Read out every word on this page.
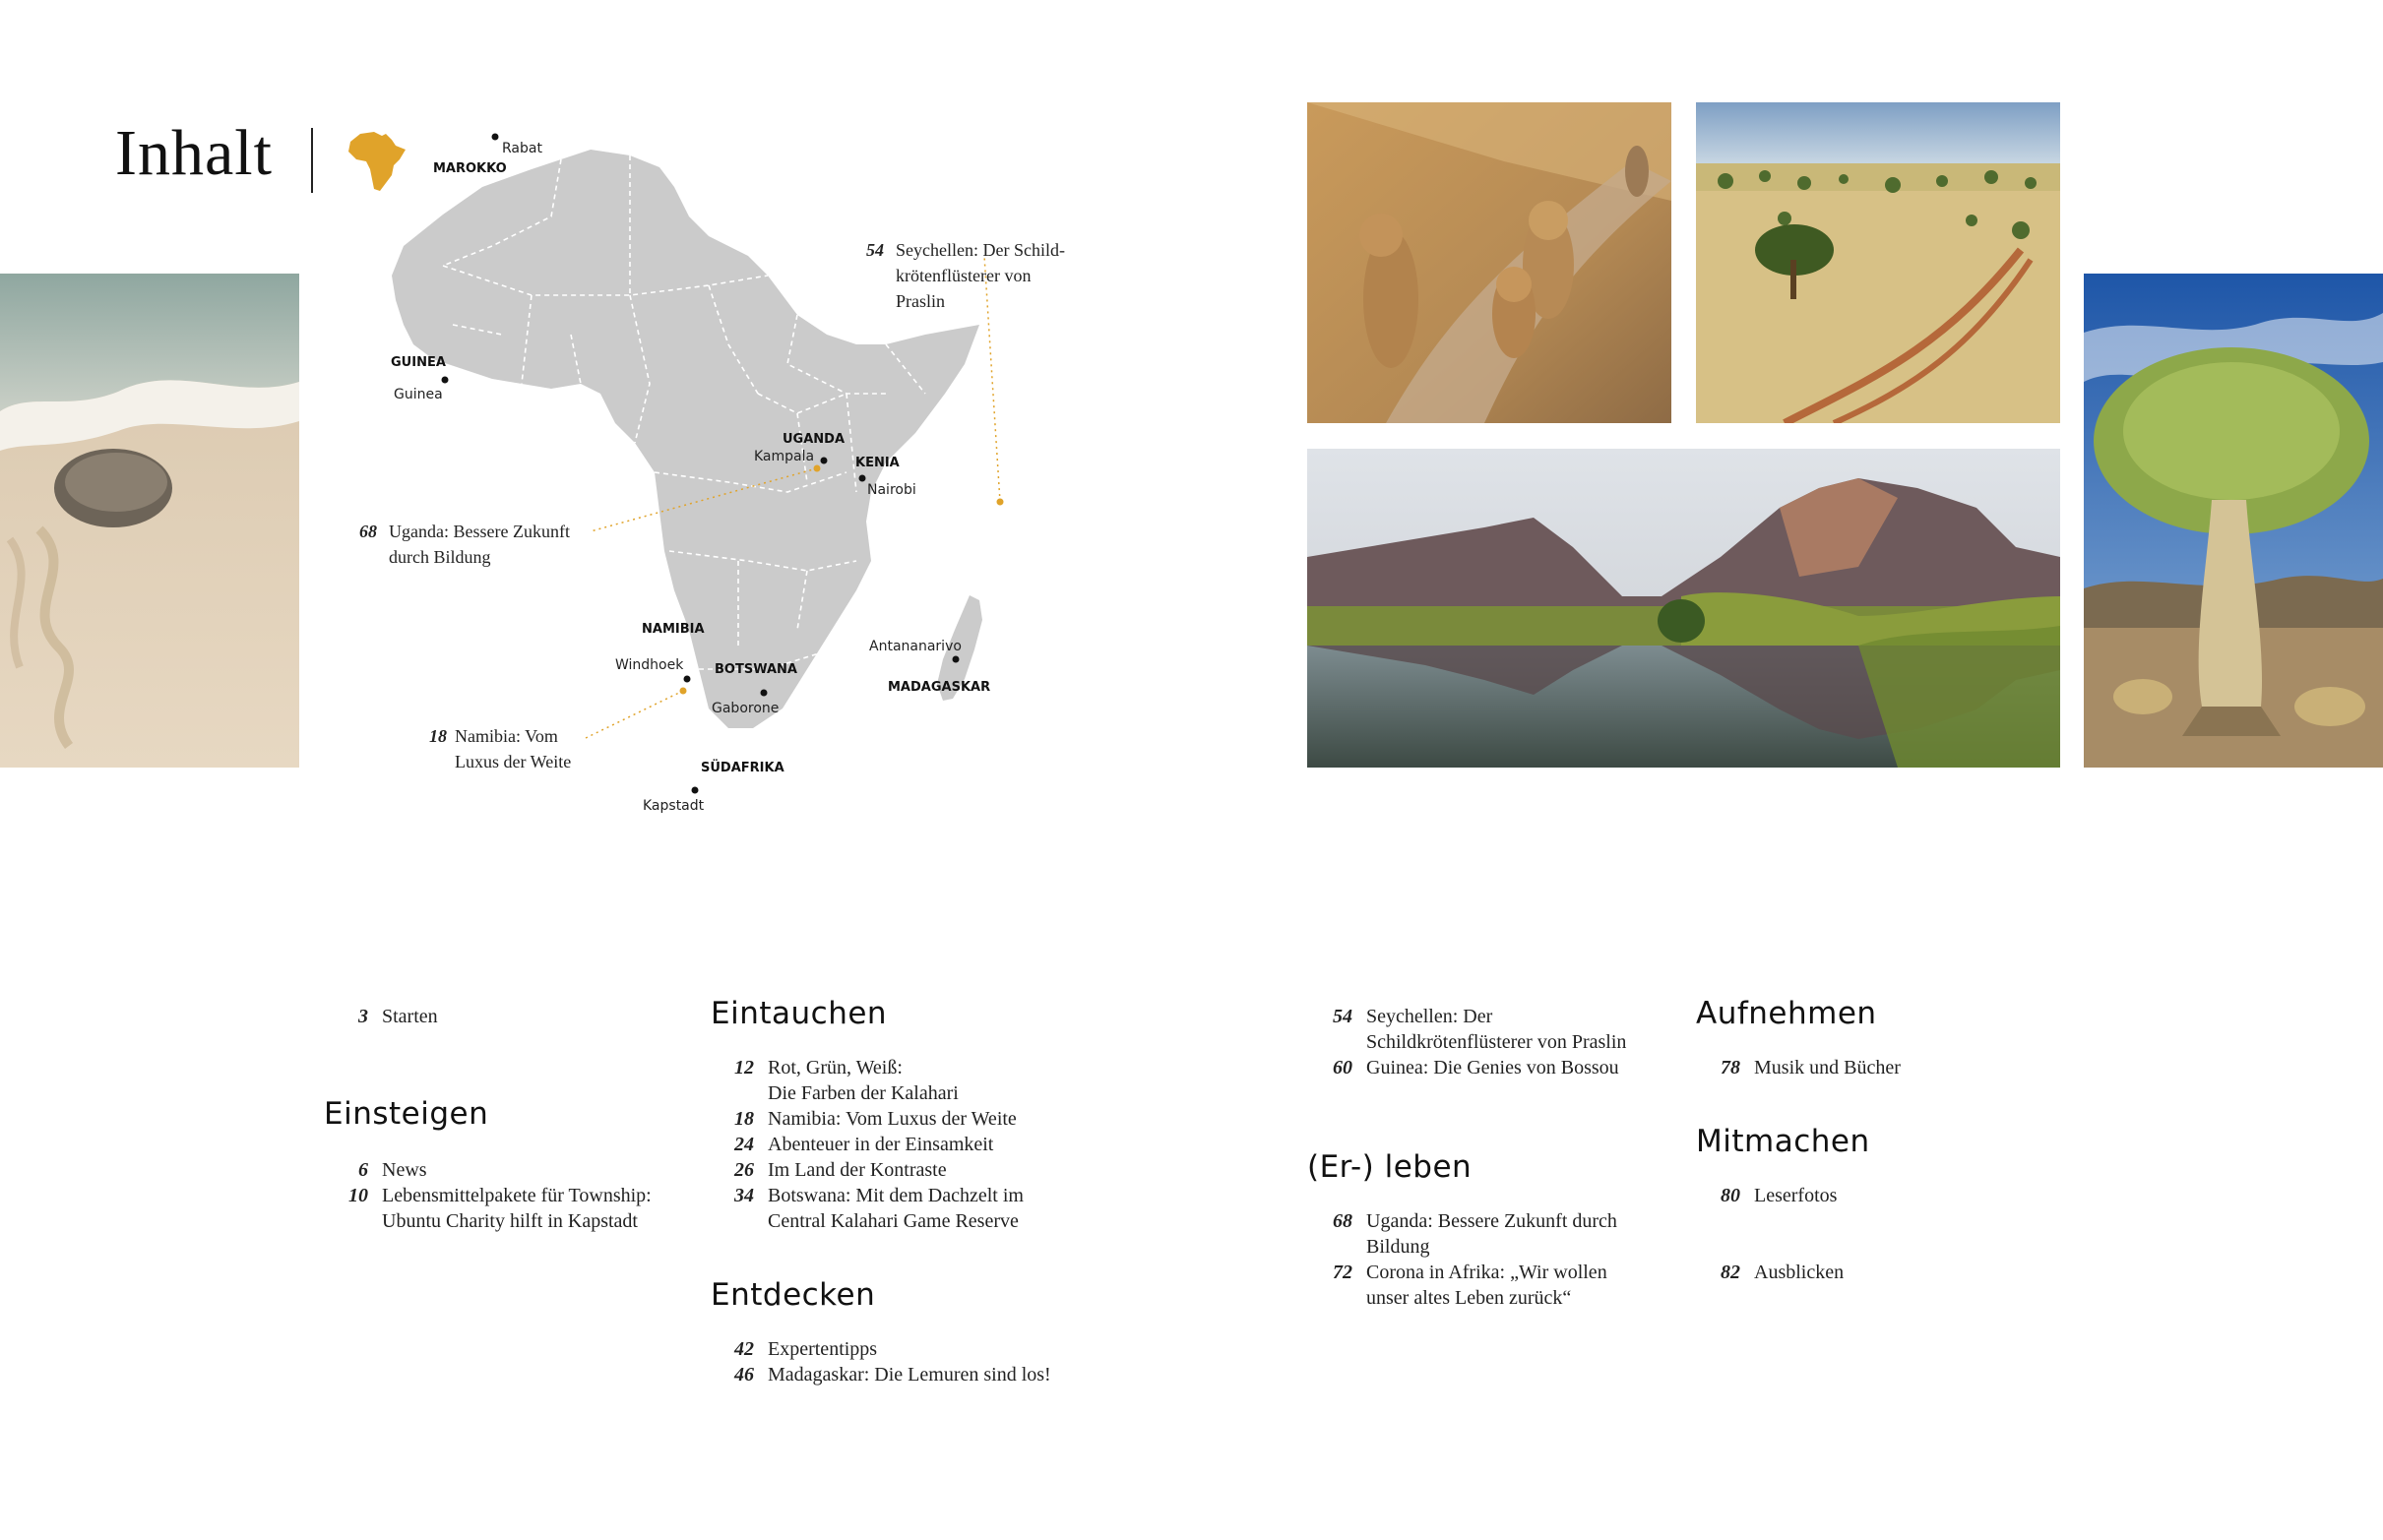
Inhalt	Rabat
Guinea
Kampala
Nairobi
Windhoek
Gaborone
Antananarivo
Kapstadt
MAROKKO
GUINEA
UGANDA
KENIA
NAMIBIA
BOTSWANA
MADAGASKAR
SÜDAFRIKA
54 Seychellen: Der Schild-
krötenflüsterer von
Praslin
68 Uganda: Bessere Zukunft
durch Bildung
18 Namibia: Vom
Luxus der Weite
3 Starten
Einsteigen
6 News
10 Lebensmittelpakete für Township:
Ubuntu Charity hilft in Kapstadt
Eintauchen
12 Rot, Grün, Weiß:
Die Farben der Kalahari
18 Namibia: Vom Luxus der Weite
24 Abenteuer in der Einsamkeit
26 Im Land der Kontraste
34 Botswana: Mit dem Dachzelt im
Central Kalahari Game Reserve
Entdecken
42 Expertentipps
46 Madagaskar: Die Lemuren sind los!
54 Seychellen: Der
Schildkrötenflüsterer von Praslin
60 Guinea: Die Genies von Bossou
(Er-) leben
68 Uganda: Bessere Zukunft durch
Bildung
72 Corona in Afrika: „Wir wollen
unser altes Leben zurück“
Aufnehmen
78 Musik und Bücher
Mitmachen
80 Leserfotos
82 Ausblicken
